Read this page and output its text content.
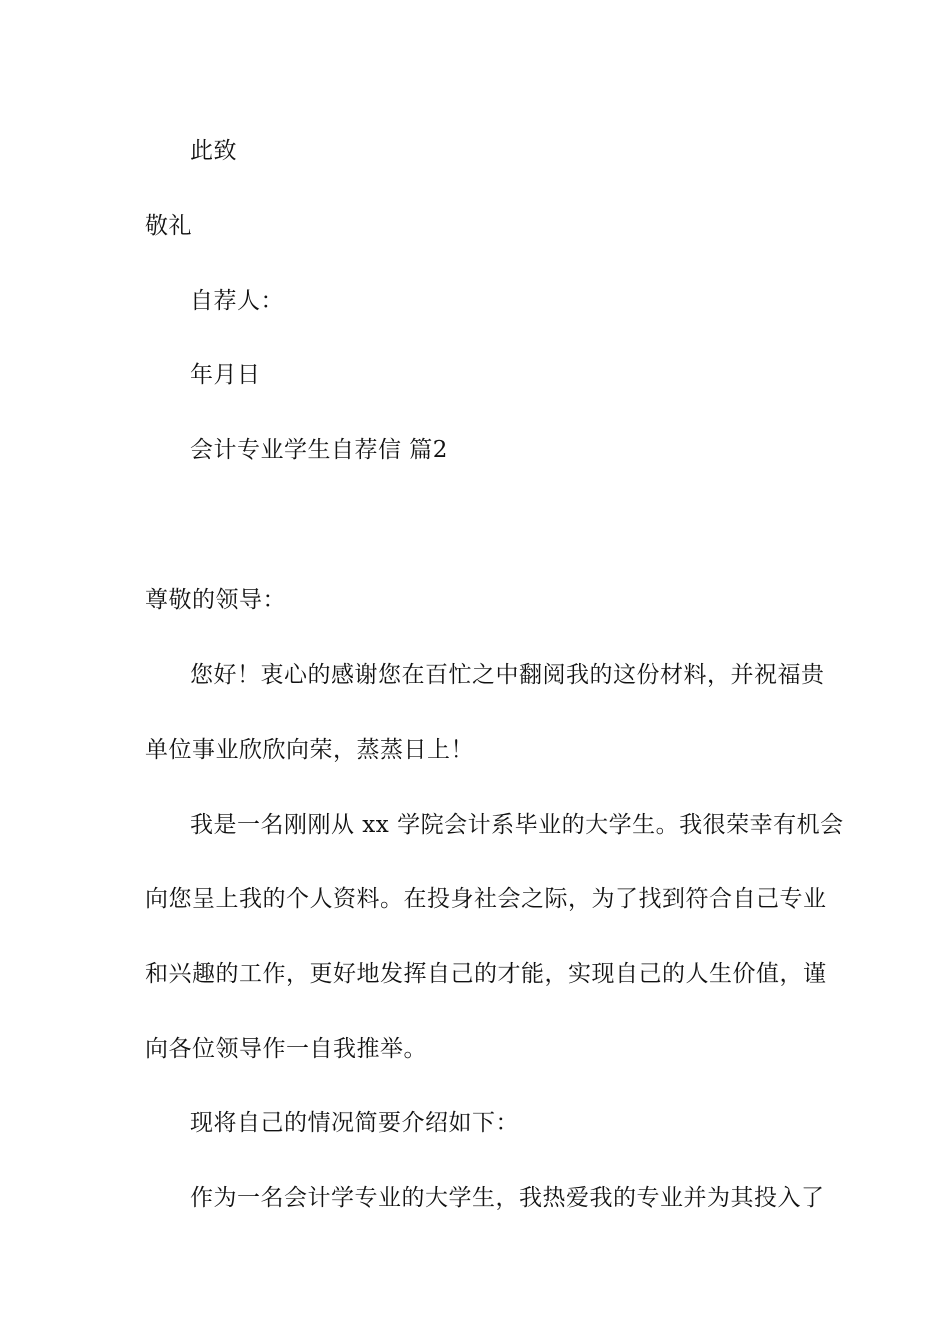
此致
敬礼
自荐人：
年月日
会计专业学生自荐信 篇2
尊敬的领导：
您好！衷心的感谢您在百忙之中翻阅我的这份材料，并祝福贵
单位事业欣欣向荣，蒸蒸日上！
我是一名刚刚从 xx 学院会计系毕业的大学生。我很荣幸有机会
向您呈上我的个人资料。在投身社会之际，为了找到符合自己专业
和兴趣的工作，更好地发挥自己的才能，实现自己的人生价值，谨
向各位领导作一自我推举。
现将自己的情况简要介绍如下：
作为一名会计学专业的大学生，我热爱我的专业并为其投入了
